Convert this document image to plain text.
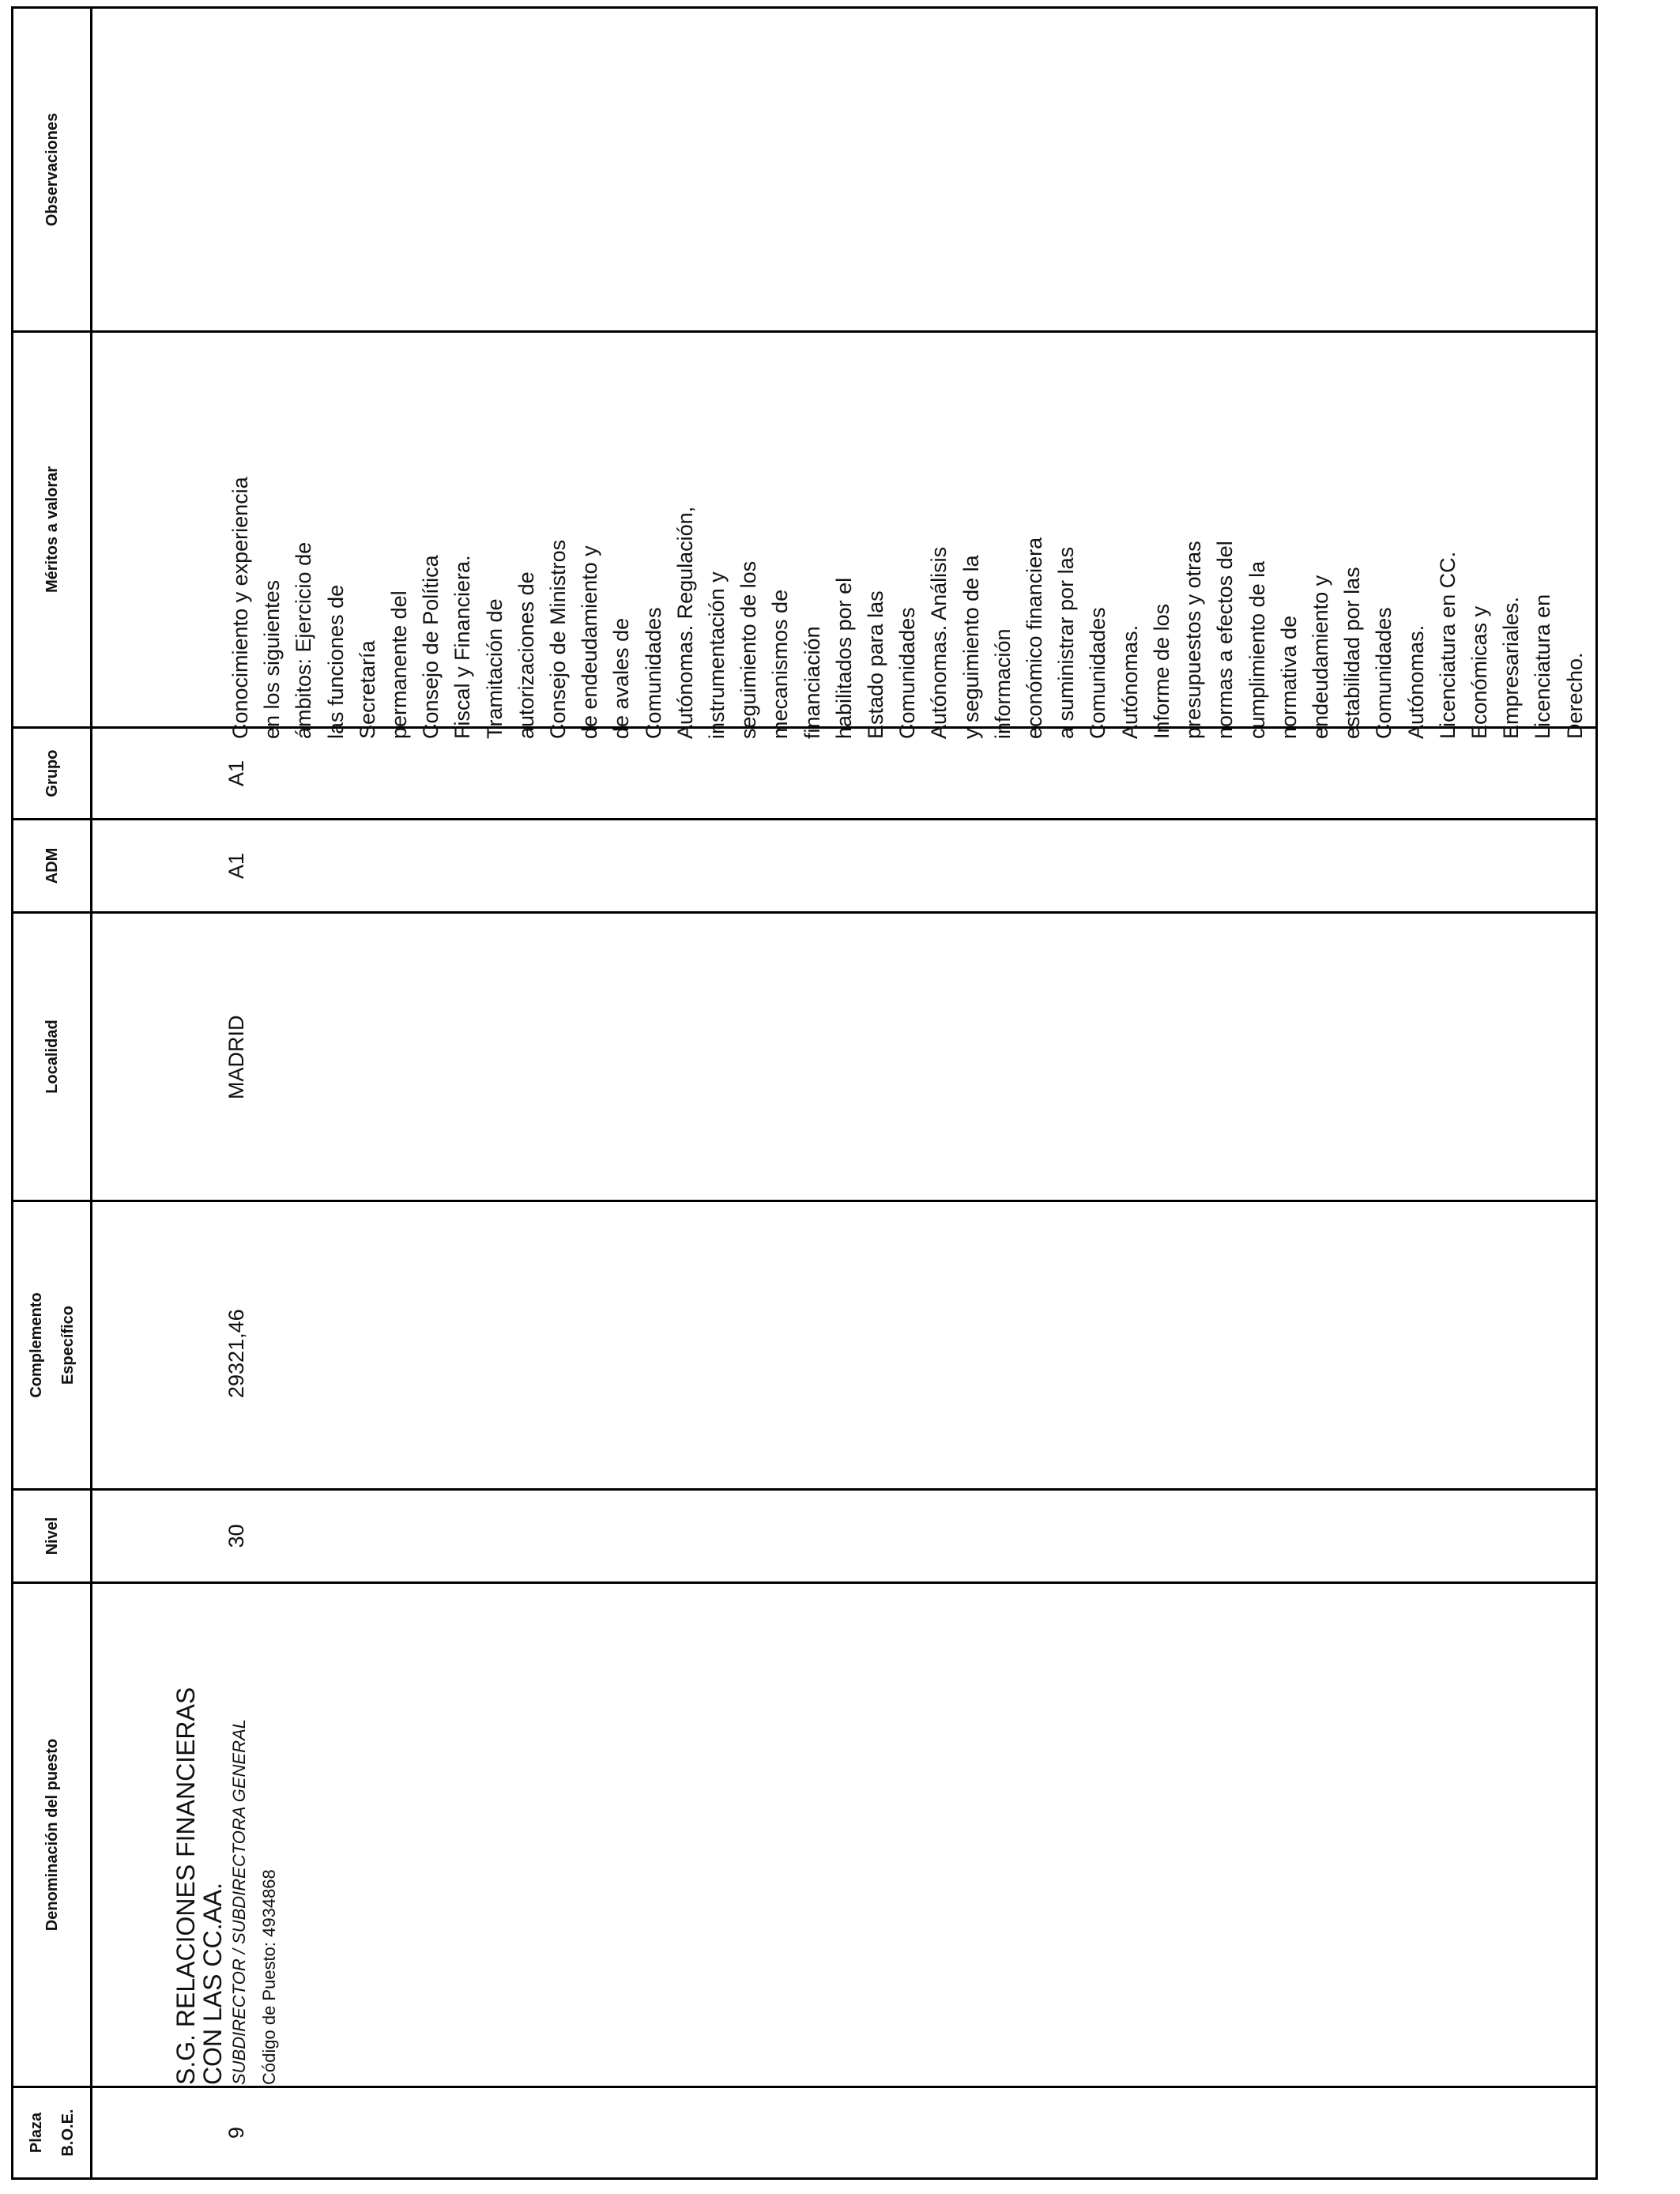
Plaza B.O.E.
Denominación del puesto
Nivel
Complemento Específico
Localidad
ADM
Grupo
Méritos a valorar
Observaciones
9
S.G. RELACIONES FINANCIERAS
CON LAS CC.AA. SUBDIRECTOR / SUBDIRECTORA GENERAL Código de Puesto: 4934868
30
29321,46
MADRID
A1
A1
Conocimiento y experiencia en los siguientes ámbitos: Ejercicio de las funciones de Secretaría permanente del Consejo de Política Fiscal y Financiera. Tramitación de autorizaciones de Consejo de Ministros de endeudamiento y de avales de Comunidades Autónomas. Regulación, instrumentación y seguimiento de los mecanismos de financiación habilitados por el Estado para las Comunidades Autónomas. Análisis y seguimiento de la información económico financiera a suministrar por las Comunidades Autónomas. Informe de los presupuestos y otras normas a efectos del cumplimiento de la normativa de endeudamiento y estabilidad por las Comunidades Autónomas. Licenciatura en CC. Económicas y Empresariales. Licenciatura en Derecho.
